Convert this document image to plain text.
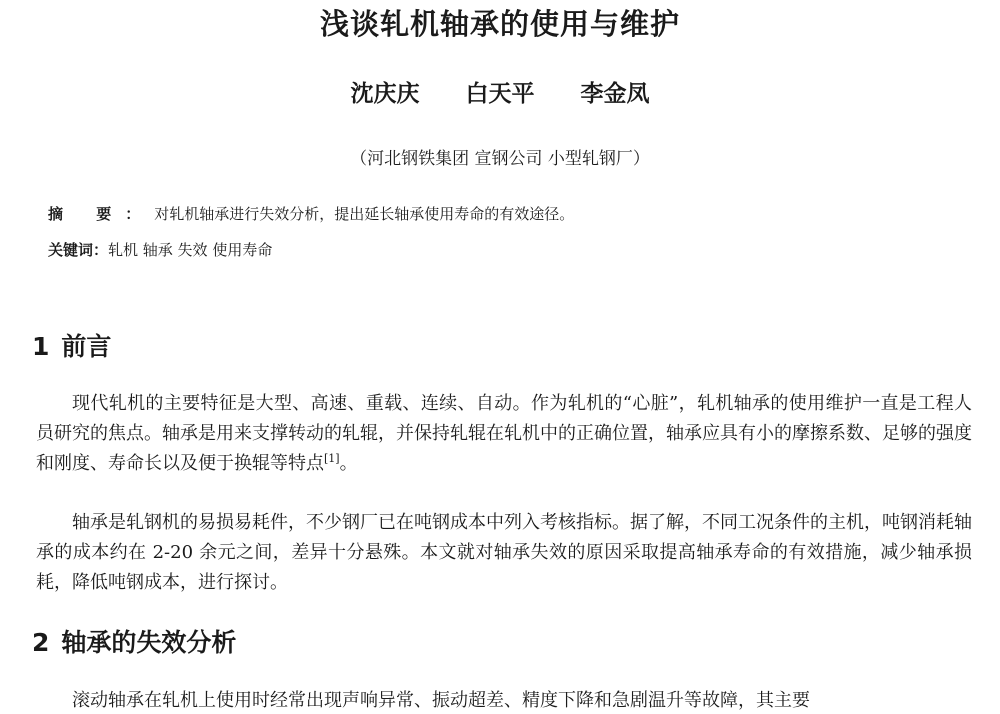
浅谈轧机轴承的使用与维护
沈庆庆 白天平 李金凤
（河北钢铁集团 宣钢公司 小型轧钢厂）
摘 要：对轧机轴承进行失效分析，提出延长轴承使用寿命的有效途径。
关键词：轧机 轴承 失效 使用寿命
1 前言

现代轧机的主要特征是大型、高速、重载、连续、自动。作为轧机的“心脏”，轧机轴承的使用维护一直是工程人员研究的焦点。轴承是用来支撑转动的轧辊，并保持轧辊在轧机中的正确位置，轴承应具有小的摩擦系数、足够的强度和刚度、寿命长以及便于换辊等特点[1]。

轴承是轧钢机的易损易耗件，不少钢厂已在吨钢成本中列入考核指标。据了解，不同工况条件的主机，吨钢消耗轴承的成本约在 2-20 余元之间，差异十分悬殊。本文就对轴承失效的原因采取提高轴承寿命的有效措施，减少轴承损耗，降低吨钢成本，进行探讨。

2 轴承的失效分析

滚动轴承在轧机上使用时经常出现声响异常、振动超差、精度下降和急剧温升等故障，其主要
